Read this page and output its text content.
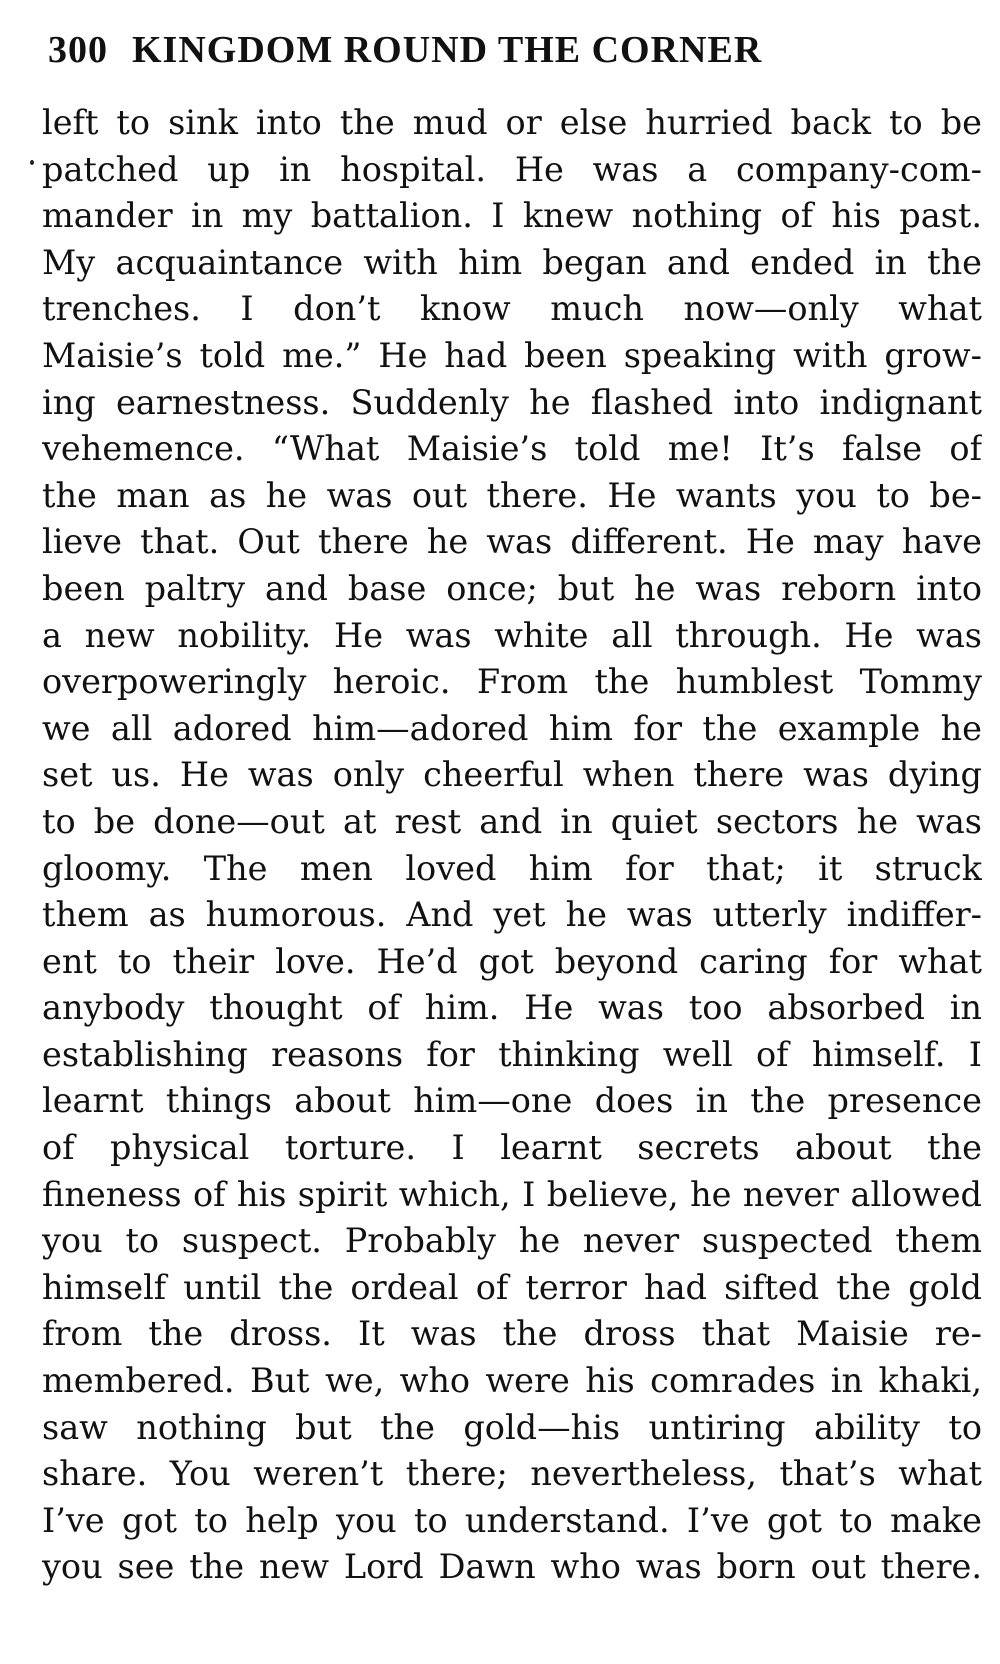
300 KINGDOM ROUND THE CORNER
left to sink into the mud or else hurried back to be
patched up in hospital. He was a company-com-
mander in my battalion. I knew nothing of his past.
My acquaintance with him began and ended in the
trenches. I don’t know much now—only what
Maisie’s told me.” He had been speaking with grow-
ing earnestness. Suddenly he flashed into indignant
vehemence. “What Maisie’s told me! It’s false of
the man as he was out there. He wants you to be-
lieve that. Out there he was different. He may have
been paltry and base once; but he was reborn into
a new nobility. He was white all through. He was
overpoweringly heroic. From the humblest Tommy
we all adored him—adored him for the example he
set us. He was only cheerful when there was dying
to be done—out at rest and in quiet sectors he was
gloomy. The men loved him for that; it struck
them as humorous. And yet he was utterly indiffer-
ent to their love. He’d got beyond caring for what
anybody thought of him. He was too absorbed in
establishing reasons for thinking well of himself. I
learnt things about him—one does in the presence
of physical torture. I learnt secrets about the
fineness of his spirit which, I believe, he never allowed
you to suspect. Probably he never suspected them
himself until the ordeal of terror had sifted the gold
from the dross. It was the dross that Maisie re-
membered. But we, who were his comrades in khaki,
saw nothing but the gold—his untiring ability to
share. You weren’t there; nevertheless, that’s what
I’ve got to help you to understand. I’ve got to make
you see the new Lord Dawn who was born out there.
